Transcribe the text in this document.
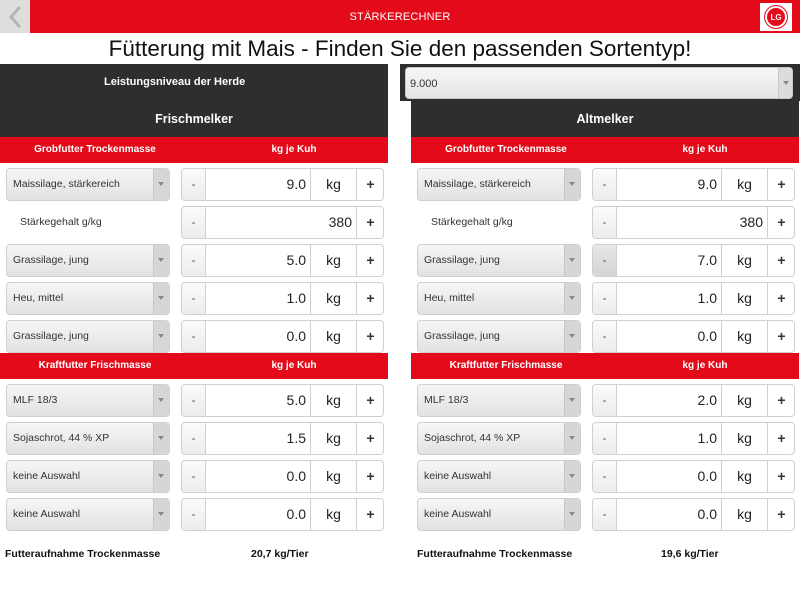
STÄRKERECHNER	LG
Fütterung mit Mais - Finden Sie den passenden Sortentyp!
Leistungsniveau der Herde	9.000
Frischmelker
Grobfutter Trockenmasse	kg je Kuh
Maissilage, stärkereich	-	9.0	kg	+
Stärkegehalt g/kg	-	380	+
Grassilage, jung	-	5.0	kg	+
Heu, mittel	-	1.0	kg	+
Grassilage, jung	-	0.0	kg	+
Kraftfutter Frischmasse	kg je Kuh
MLF 18/3	-	5.0	kg	+
Sojaschrot, 44 % XP	-	1.5	kg	+
keine Auswahl	-	0.0	kg	+
keine Auswahl	-	0.0	kg	+
Altmelker
Grobfutter Trockenmasse	kg je Kuh
Maissilage, stärkereich	-	9.0	kg	+
Stärkegehalt g/kg	-	380	+
Grassilage, jung	-	7.0	kg	+
Heu, mittel	-	1.0	kg	+
Grassilage, jung	-	0.0	kg	+
Kraftfutter Frischmasse	kg je Kuh
MLF 18/3	-	2.0	kg	+
Sojaschrot, 44 % XP	-	1.0	kg	+
keine Auswahl	-	0.0	kg	+
keine Auswahl	-	0.0	kg	+
Futteraufnahme Trockenmasse	20,7 kg/Tier	Futteraufnahme Trockenmasse	19,6 kg/Tier
